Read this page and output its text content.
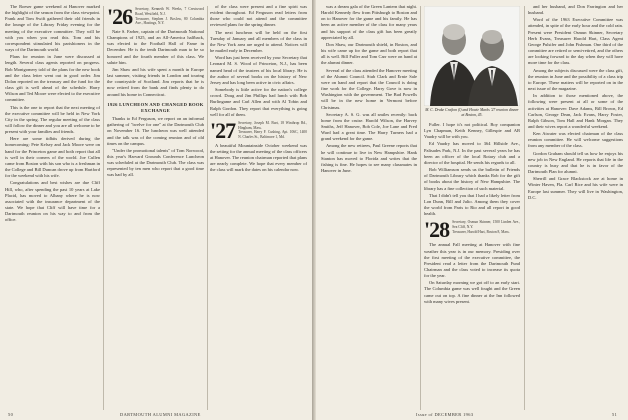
The Roeser game weekend at Hanover marked the highlight of the season from the class viewpoint. Frank and Tom Swift gathered their old friends in the lounge of the Library Friday evening for the meeting of the executive committee. They will be with you when you read this. Tom and his correspondent stimulated his parishioners in the ways of the Dartmouth world.

Plans for reunion in June were discussed at length. Several class agents reported on progress. Bob Montgomery told of the plans for the new book and the class letter went out in good order. Jim Dolan reported on the treasury and the fund for the class gift is well ahead of the schedule. Harry Wilson and Ted Moore were elected to the executive committee.

This is the one to report that the next meeting of the executive committee will be held in New York City in the spring. The regular meeting of the class will follow the dinner and you are all welcome to be present with your families and friends.

Here are some tidbits derived during the homecoming: Pete Kelsey and Jack Moore were on hand for the Princeton game and both report that all is well in their corners of the world. Joe Cullen came from Boston with his son who is a freshman in the College and Bill Duncan drove up from Hartford for the weekend with his wife.

Congratulations and best wishes are due Cliff Hill, who, after spending the past 10 years at Lake Placid, has moved to Albany where he is now associated with the insurance department of the state. We hope that Cliff will have time for a Dartmouth reunion on his way to and from the office.

'26 Secretary, Kenneth W. Weeks, 7 Crestwood Road, Westfield, N.J.
Treasurer, Stephen J. Boslow, 80 Columbia Ave., Hastings, N.Y.

Nate S. Farber, captain of the Dartmouth National Champions of 1925, and an All-America halfback, was elected to the Football Hall of Fame in December. He is the tenth Dartmouth man to be so honored and the fourth member of this class. We salute him.

Jim Shaw and his wife spent a month in Europe last summer, visiting friends in London and touring the countryside of Scotland. Jim reports that he is now retired from the bank and finds plenty to do around his home in Connecticut.

1926 LUNCHEON AND CHANGED BOOK EXCHANGE

Thanks to Ed Ferguson, we report on an informal gathering of "twelve for one" at the Dartmouth Club on November 16. The luncheon was well attended and the talk was of the coming reunion and of old times on the campus.

"Under the promotional talents" of Tom Norwood, this year's Harvard Grounds Conference Luncheon was scheduled at the Dartmouth Club. The class was represented by ten men who report that a good time was had by all.

of the class were present and a fine spirit was evident throughout. Ed Ferguson read letters from those who could not attend and the committee reviewed plans for the spring dinner.

The next luncheon will be held on the first Tuesday of January and all members of the class in the New York area are urged to attend. Notices will be mailed early in December.

Word has just been received by your Secretary that Leonard M. S. Wood of Princeton, N.J., has been named head of the trustees of his local library. He is the author of several books on the history of New Jersey and has long been active in civic affairs.

Somebody is little active for the nation's college crowd. Doug and Jim Phillips had lunch with Bob Burlingame and Carl Allen and with Al Tobin and Ralph Gordon. They report that everything is going well for all of them.

'27 Secretary, Joseph M. Burt, 18 Winthrop Rd., Hingham, Mass.
Treasurer, Harry F. Cushing, Apt. 106C, 1400 N. Charles St., Baltimore 1, Md.

A beautiful Mountainside October weekend was the setting for the annual meeting of the class officers at Hanover. The reunion chairman reported that plans are nearly complete. We hope that every member of the class will mark the dates on his calendar now.

50	DARTMOUTH ALUMNI MAGAZINE

was a dream gala of the Green Lantern that night. Harold Kennedy flew from Pittsburgh to Boston and on to Hanover for the game and his family. He has been an active member of the class for many years and his support of the class gift has been greatly appreciated by all.

Don Shaw, our Dartmouth shield, in Boston, and his wife came up for the game and both report that all is well. Bill Fuller and Tom Carr were on hand at the alumni dinner.

Several of the class attended the Hanover meeting of the Alumni Council. Stub Clark and Ernie Sale were on hand and report that the Council is doing fine work for the College. Harry Gove is now in Washington with the government. The Bud Powells will be in the new home in Vermont before Christmas.

Secretary A. S. G. was all smiles recently: back home from the cruise. Harold Wilson, the Harvey Smiths, Jeff Hanover, Bob Cole, Joe Lane and Fred Ward had a great time. The Harry Turners had a grand weekend for the game.

Among the new retirees, Paul Greene reports that he will continue to live in New Hampshire. Hank Stanton has moved to Florida and writes that the fishing is fine. He hopes to see many classmates in Hanover in June.

Fuller. I hope it's not political. Boy companion Lyn Chapman, Keith Kenney, Gillespie and AB Vaudry will be with you.

Ed Vaudry has moved to 364 Hillside Ave., Palisades Park, N.J. In the past several years he has been an officer of the local Rotary club and a director of the hospital. He sends his regards to all.

Bob Williamson sends us the bulletin of Friends of Dartmouth Library which thanks Rob for the gift of books about the history of New Hampshire. The library has a fine collection of such material.

That I didn't tell you that I had a likely letter from Lon Dunn, Bill and Julio. Among them they cover the world from Paris to Rio and all report in good health.

'28 Secretary, Osmun Skinner, 1500 Linden Ave., Sea Cliff, N.Y.
Treasurer, Harold Hart, Boston 8, Mass.

The annual Fall meeting at Hanover with fine weather this year is in our memory. Presiding over the first meeting of the executive committee, the President read a letter from the Dartmouth Fund Chairman and the class voted to increase its quota for the year.

On Saturday morning we got off to an early start. The Columbia game was well fought and the Green came out on top. A fine dinner at the Inn followed with many wives present.

and her husband, and Don Farrington and her husband.

Word of the 1963 Executive Committee was attended, in spite of the early hour and the cold rain. Present were President Osmun Skinner, Secretary Herb Evans, Treasurer Harold Hart, Class Agent George Pulsifer and John Fishman. One third of the committee are retired or semi-retired, and the others are looking forward to the day when they will have more time for the class.

Among the subjects discussed were the class gift, the reunion in June and the possibility of a class trip to Europe. These matters will be reported on in the next issue of the magazine.

In addition to those mentioned above, the following were present at all or some of the activities at Hanover: Dave Adams, Bill Brown, Ed Carlson, George Dean, Jack Evans, Harry Foster, Ralph Gibson, Tom Hall and Hank Morgan. They and their wives report a wonderful weekend.

Ken Atwater was elected chairman of the class reunion committee. He will welcome suggestions from any member of the class.

Gordon Graham should tell us how he enjoys his new job in New England. He reports that life in the country is busy and that he is in favor of the Dartmouth Plan for alumni.

Sherrill and Grace Blackstock are at home in Winter Haven, Fla. Carl Rice and his wife were in Europe last summer. They will live in Washington, D.C.

M. C. Drake Crafton (l) and Howie Marks '27 reunion dinner at Boston, 45.
Issue of DECEMBER 1963	51
